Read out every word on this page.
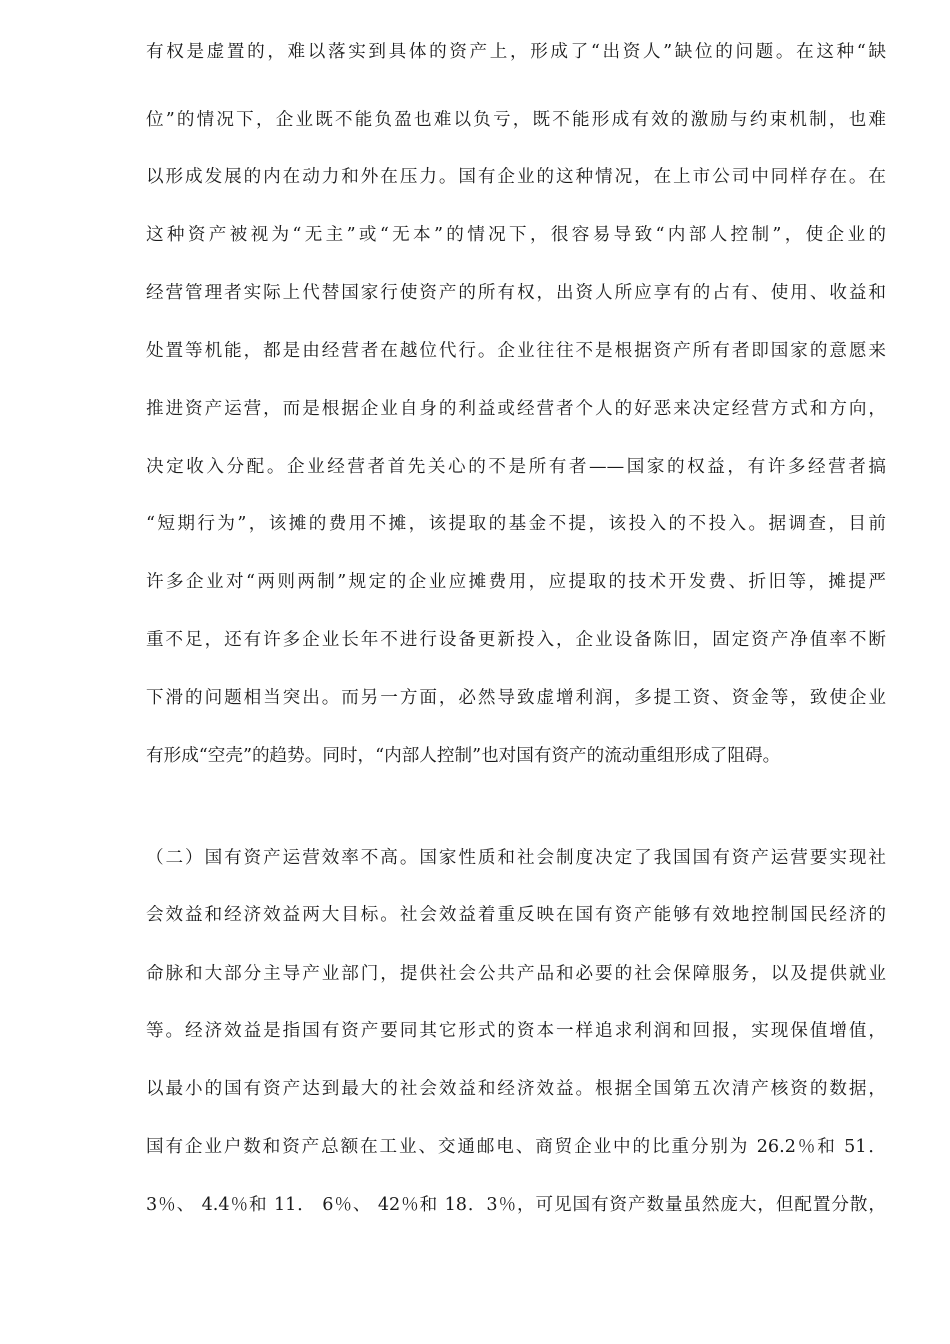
有权是虚置的，难以落实到具体的资产上，形成了“出资人”缺位的问题。在这种“缺
位”的情况下，企业既不能负盈也难以负亏，既不能形成有效的激励与约束机制，也难
以形成发展的内在动力和外在压力。国有企业的这种情况，在上市公司中同样存在。在
这种资产被视为“无主”或“无本”的情况下，很容易导致“内部人控制”，使企业的
经营管理者实际上代替国家行使资产的所有权，出资人所应享有的占有、使用、收益和
处置等机能，都是由经营者在越位代行。企业往往不是根据资产所有者即国家的意愿来
推进资产运营，而是根据企业自身的利益或经营者个人的好恶来决定经营方式和方向，
决定收入分配。企业经营者首先关心的不是所有者——国家的权益，有许多经营者搞
“短期行为”，该摊的费用不摊，该提取的基金不提，该投入的不投入。据调查，目前
许多企业对“两则两制”规定的企业应摊费用，应提取的技术开发费、折旧等，摊提严
重不足，还有许多企业长年不进行设备更新投入，企业设备陈旧，固定资产净值率不断
下滑的问题相当突出。而另一方面，必然导致虚增利润，多提工资、资金等，致使企业
有形成“空壳”的趋势。同时，“内部人控制”也对国有资产的流动重组形成了阻碍。
（二）国有资产运营效率不高。国家性质和社会制度决定了我国国有资产运营要实现社
会效益和经济效益两大目标。社会效益着重反映在国有资产能够有效地控制国民经济的
命脉和大部分主导产业部门，提供社会公共产品和必要的社会保障服务，以及提供就业
等。经济效益是指国有资产要同其它形式的资本一样追求利润和回报，实现保值增值，
以最小的国有资产达到最大的社会效益和经济效益。根据全国第五次清产核资的数据，
国有企业户数和资产总额在工业、交通邮电、商贸企业中的比重分别为 26.2％和 51．
3％、 4.4％和 11． 6％、 42％和 18．3％，可见国有资产数量虽然庞大，但配置分散，
